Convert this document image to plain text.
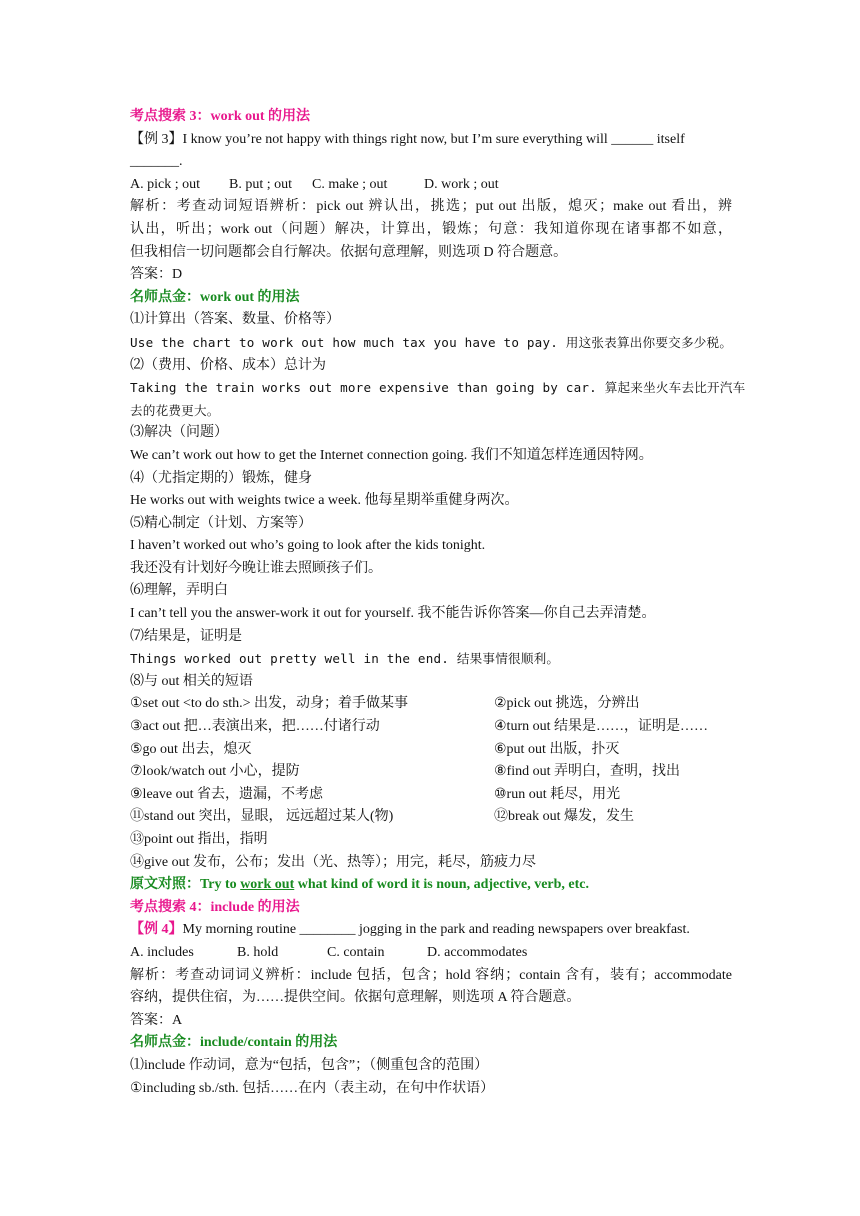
考点搜索 3：work out 的用法
【例 3】I know you’re not happy with things right now, but I’m sure everything will ______ itself
_______.
A. pick ; out B. put ; out C. make ; out	D. work ; out
解析：考查动词短语辨析：pick out 辨认出，挑选；put out 出版，熄灭；make out 看出，辨
认出，听出；work out（问题）解决，计算出，锻炼；句意：我知道你现在诸事都不如意，
但我相信一切问题都会自行解决。依据句意理解，则选项 D 符合题意。
答案：D
名师点金：work out 的用法
⑴计算出（答案、数量、价格等）
Use the chart to work out how much tax you have to pay. 用这张表算出你要交多少税。
⑵（费用、价格、成本）总计为
Taking the train works out more expensive than going by car. 算起来坐火车去比开汽车
去的花费更大。
⑶解决（问题）
We can’t work out how to get the Internet connection going. 我们不知道怎样连通因特网。
⑷（尤指定期的）锻炼，健身
He works out with weights twice a week. 他每星期举重健身两次。
⑸精心制定（计划、方案等）
I haven’t worked out who’s going to look after the kids tonight.
我还没有计划好今晚让谁去照顾孩子们。
⑹理解，弄明白
I can’t tell you the answer-work it out for yourself. 我不能告诉你答案—你自己去弄清楚。
⑺结果是，证明是
Things worked out pretty well in the end. 结果事情很顺利。
⑻与 out 相关的短语
①set out <to do sth.> 出发，动身；着手做某事	②pick out 挑选，分辨出
③act out 把…表演出来，把……付诸行动	④turn out 结果是……，证明是……
⑤go out 出去，熄灭	⑥put out 出版，扑灭
⑦look/watch out 小心，提防	⑧find out 弄明白，查明，找出
⑨leave out 省去，遗漏，不考虑	⑩run out 耗尽，用光
⑪stand out 突出，显眼， 远远超过某人(物)	⑫break out 爆发，发生
⑬point out 指出，指明
⑭give out 发布，公布；发出（光、热等）；用完，耗尽，筋疲力尽
原文对照：Try to work out what kind of word it is noun, adjective, verb, etc.
考点搜索 4：include 的用法
【例 4】My morning routine ________ jogging in the park and reading newspapers over breakfast.
A. includes	B. hold	C. contain	D. accommodates
解析：考查动词词义辨析：include 包括，包含；hold 容纳；contain 含有，装有；accommodate
容纳，提供住宿，为……提供空间。依据句意理解，则选项 A 符合题意。
答案：A
名师点金：include/contain 的用法
⑴include 作动词，意为“包括，包含”；（侧重包含的范围）
①including sb./sth. 包括……在内（表主动，在句中作状语）
